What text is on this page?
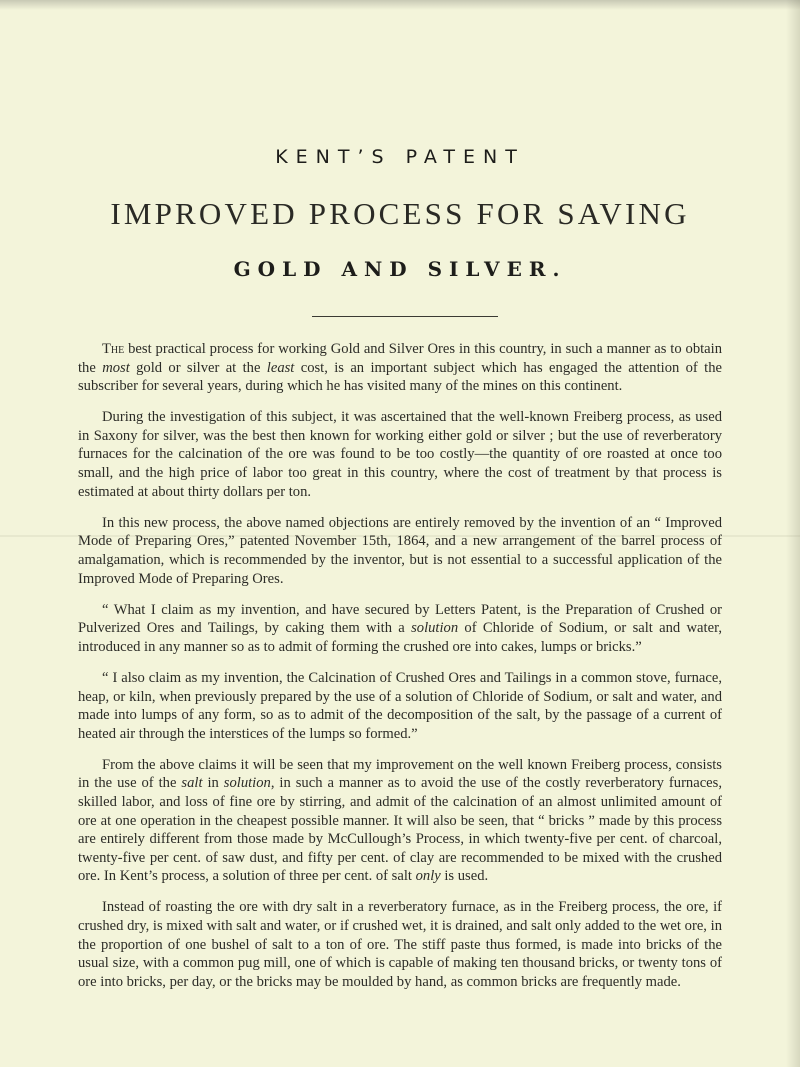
KENT’S PATENT
IMPROVED PROCESS FOR SAVING
GOLD AND SILVER.

The best practical process for working Gold and Silver Ores in this country, in such a manner as to obtain the most gold or silver at the least cost, is an important subject which has engaged the attention of the subscriber for several years, during which he has visited many of the mines on this continent.

During the investigation of this subject, it was ascertained that the well-known Freiberg process, as used in Saxony for silver, was the best then known for working either gold or silver ; but the use of reverberatory furnaces for the calcination of the ore was found to be too costly—the quantity of ore roasted at once too small, and the high price of labor too great in this country, where the cost of treatment by that process is estimated at about thirty dollars per ton.

In this new process, the above named objections are entirely removed by the invention of an “ Improved Mode of Preparing Ores,” patented November 15th, 1864, and a new arrangement of the barrel process of amalgamation, which is recommended by the inventor, but is not essential to a successful application of the Improved Mode of Preparing Ores.

“ What I claim as my invention, and have secured by Letters Patent, is the Preparation of Crushed or Pulverized Ores and Tailings, by caking them with a solution of Chloride of Sodium, or salt and water, introduced in any manner so as to admit of forming the crushed ore into cakes, lumps or bricks.”

“ I also claim as my invention, the Calcination of Crushed Ores and Tailings in a common stove, furnace, heap, or kiln, when previously prepared by the use of a solution of Chloride of Sodium, or salt and water, and made into lumps of any form, so as to admit of the decomposition of the salt, by the passage of a current of heated air through the interstices of the lumps so formed.”

From the above claims it will be seen that my improvement on the well known Freiberg process, consists in the use of the salt in solution, in such a manner as to avoid the use of the costly reverberatory furnaces, skilled labor, and loss of fine ore by stirring, and admit of the calcination of an almost unlimited amount of ore at one operation in the cheapest possible manner. It will also be seen, that “ bricks ” made by this process are entirely different from those made by McCullough’s Process, in which twenty-five per cent. of charcoal, twenty-five per cent. of saw dust, and fifty per cent. of clay are recommended to be mixed with the crushed ore. In Kent’s process, a solution of three per cent. of salt only is used.

Instead of roasting the ore with dry salt in a reverberatory furnace, as in the Freiberg process, the ore, if crushed dry, is mixed with salt and water, or if crushed wet, it is drained, and salt only added to the wet ore, in the proportion of one bushel of salt to a ton of ore. The stiff paste thus formed, is made into bricks of the usual size, with a common pug mill, one of which is capable of making ten thousand bricks, or twenty tons of ore into bricks, per day, or the bricks may be moulded by hand, as common bricks are frequently made.
